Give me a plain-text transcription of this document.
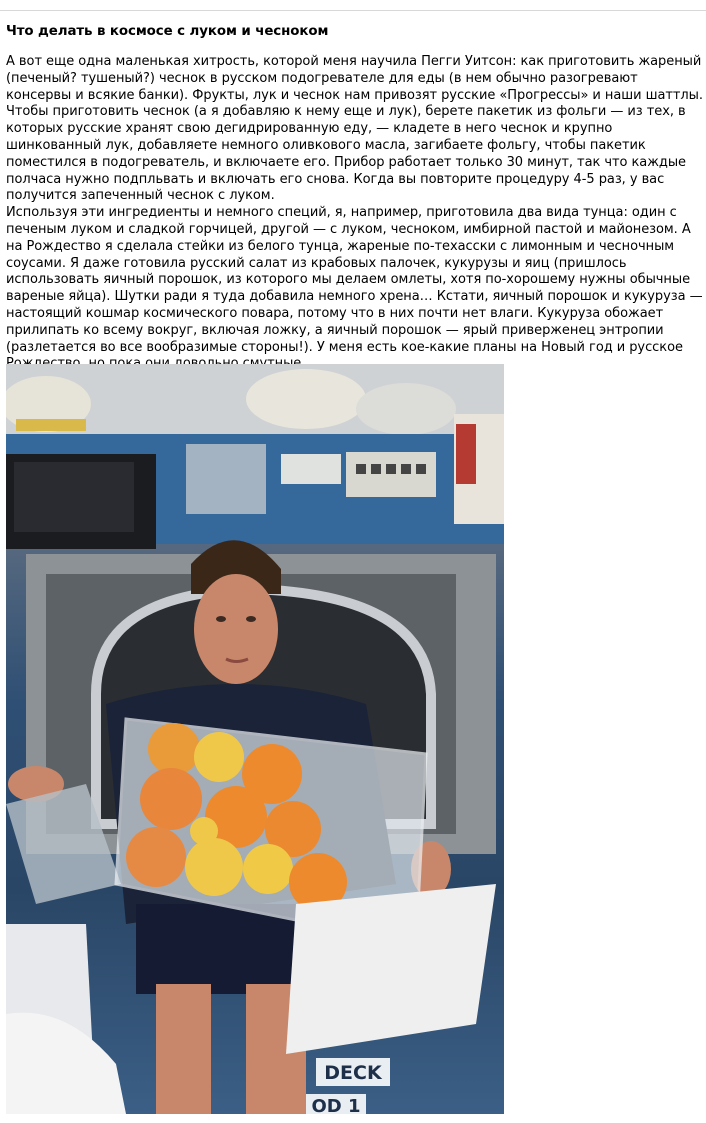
Что делать в космосе с луком и чесноком

А вот еще одна маленькая хитрость, которой меня научила Пегги Уитсон: как приготовить жареный (печеный? тушеный?) чеснок в русском подогревателе для еды (в нем обычно разогревают консервы и всякие банки). Фрукты, лук и чеснок нам привозят русские «Прогрессы» и наши шаттлы. Чтобы приготовить чеснок (а я добавляю к нему еще и лук), берете пакетик из фольги — из тех, в которых русские хранят свою дегидрированную еду, — кладете в него чеснок и крупно шинкованный лук, добавляете немного оливкового масла, загибаете фольгу, чтобы пакетик поместился в подогреватель, и включаете его. Прибор работает только 30 минут, так что каждые полчаса нужно подпльвать и включать его снова. Когда вы повторите процедуру 4-5 раз, у вас получится запеченный чеснок с луком.

Используя эти ингредиенты и немного специй, я, например, приготовила два вида тунца: один с печеным луком и сладкой горчицей, другой — с луком, чесноком, имбирной пастой и майонезом. А на Рождество я сделала стейки из белого тунца, жареные по-техасски с лимонным и чесночным соусами. Я даже готовила русский салат из крабовых палочек, кукурузы и яиц (пришлось использовать яичный порошок, из которого мы делаем омлеты, хотя по-хорошему нужны обычные вареные яйца). Шутки ради я туда добавила немного хрена… Кстати, яичный порошок и кукуруза — настоящий кошмар космического повара, потому что в них почти нет влаги. Кукуруза обожает прилипать ко всему вокруг, включая ложку, а яичный порошок — ярый приверженец энтропии (разлетается во все вообразимые стороны!). У меня есть кое-какие планы на Новый год и русское

DECK
OD 1
